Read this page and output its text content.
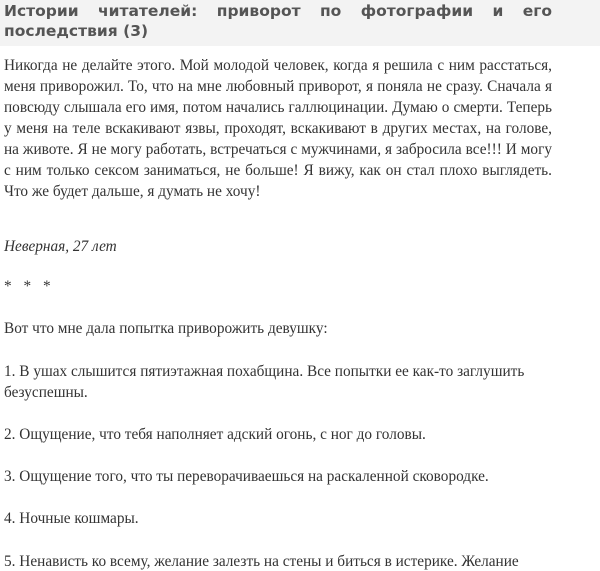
Истории читателей: приворот по фотографии и его последствия (3)

Никогда не делайте этого. Мой молодой человек, когда я решила с ним расстаться, меня приворожил. То, что на мне любовный приворот, я поняла не сразу. Сначала я повсюду слышала его имя, потом начались галлюцинации. Думаю о смерти. Теперь у меня на теле вскакивают язвы, проходят, вскакивают в других местах, на голове, на животе. Я не могу работать, встречаться с мужчинами, я забросила все!!! И могу с ним только сексом заниматься, не больше! Я вижу, как он стал плохо выглядеть. Что же будет дальше, я думать не хочу!

Неверная, 27 лет

* * *

Вот что мне дала попытка приворожить девушку:

1. В ушах слышится пятиэтажная похабщина. Все попытки ее как-то заглушить безуспешны.

2. Ощущение, что тебя наполняет адский огонь, с ног до головы.

3. Ощущение того, что ты переворачиваешься на раскаленной сковородке.

4. Ночные кошмары.

5. Ненависть ко всему, желание залезть на стены и биться в истерике. Желание
